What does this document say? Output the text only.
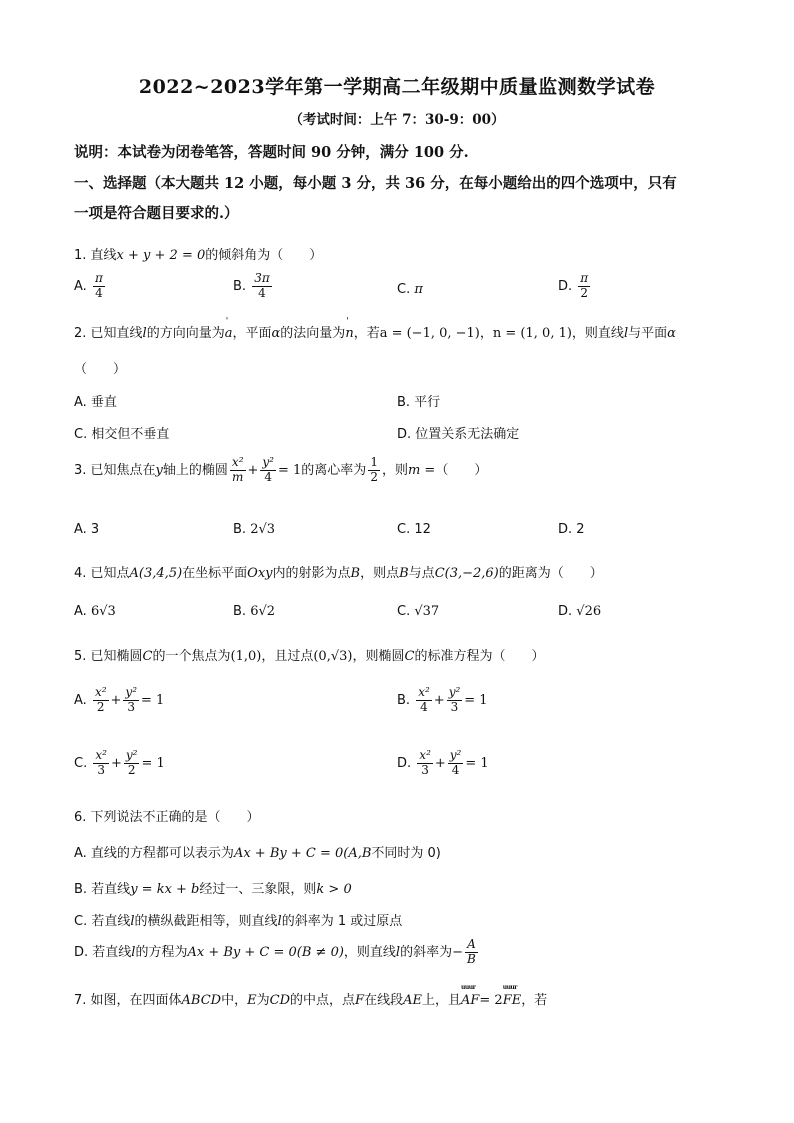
2022~2023学年第一学期高二年级期中质量监测数学试卷
（考试时间：上午 7：30-9：00）
说明：本试卷为闭卷笔答，答题时间 90 分钟，满分 100 分.
一、选择题（本大题共 12 小题，每小题 3 分，共 36 分，在每小题给出的四个选项中，只有
一项是符合题目要求的.）
1. 直线x + y + 2 = 0的倾斜角为（　　）
A. $\frac{\pi}{4}$	B. $\frac{3\pi}{4}$	C. π	D. $\frac{\pi}{2}$
2. 已知直线l的方向向量为' a，平面α的法向量为' n，若a = (−1, 0, −1)，n = (1, 0, 1)，则直线l与平面α
（　　）
A. 垂直	B. 平行
C. 相交但不垂直	D. 位置关系无法确定
3. 已知焦点在y轴上的椭圆 $\frac{\text{x²}}{m} + \frac{\text{y²}}{4} = 1$的离心率为 $\frac{1}{2}$ ，则m =（　　）
A. 3	B. 2√3	C. 12	D. 2
4. 已知点A(3,4,5)在坐标平面Oxy内的射影为点B，则点B与点C(3,−2,6)的距离为（　　）
A. 6√3	B. 6√2	C. √37	D. √26
5. 已知椭圆C的一个焦点为(1,0)，且过点(0,√3)，则椭圆C的标准方程为（　　）
A. $\frac{\text{x²}}{2} + \frac{\text{y²}}{3} = 1$	B. $\frac{\text{x²}}{4} + \frac{\text{y²}}{3} = 1$
C. $\frac{\text{x²}}{3} + \frac{\text{y²}}{2} = 1$	D. $\frac{\text{x²}}{3} + \frac{\text{y²}}{4} = 1$
6. 下列说法不正确的是（　　）
A. 直线的方程都可以表示为Ax + By + C = 0(A,B不同时为 0)
B. 若直线y = kx + b经过一、三象限，则k > 0
C. 若直线l的横纵截距相等，则直线l的斜率为 1 或过原点
D. 若直线l的方程为Ax + By + C = 0(B ≠ 0)，则直线l的斜率为− $\frac{A}{B}$
7. 如图，在四面体ABCD中，E为CD的中点，点F在线段AE上，且uuur AF= 2uuur FE，若
